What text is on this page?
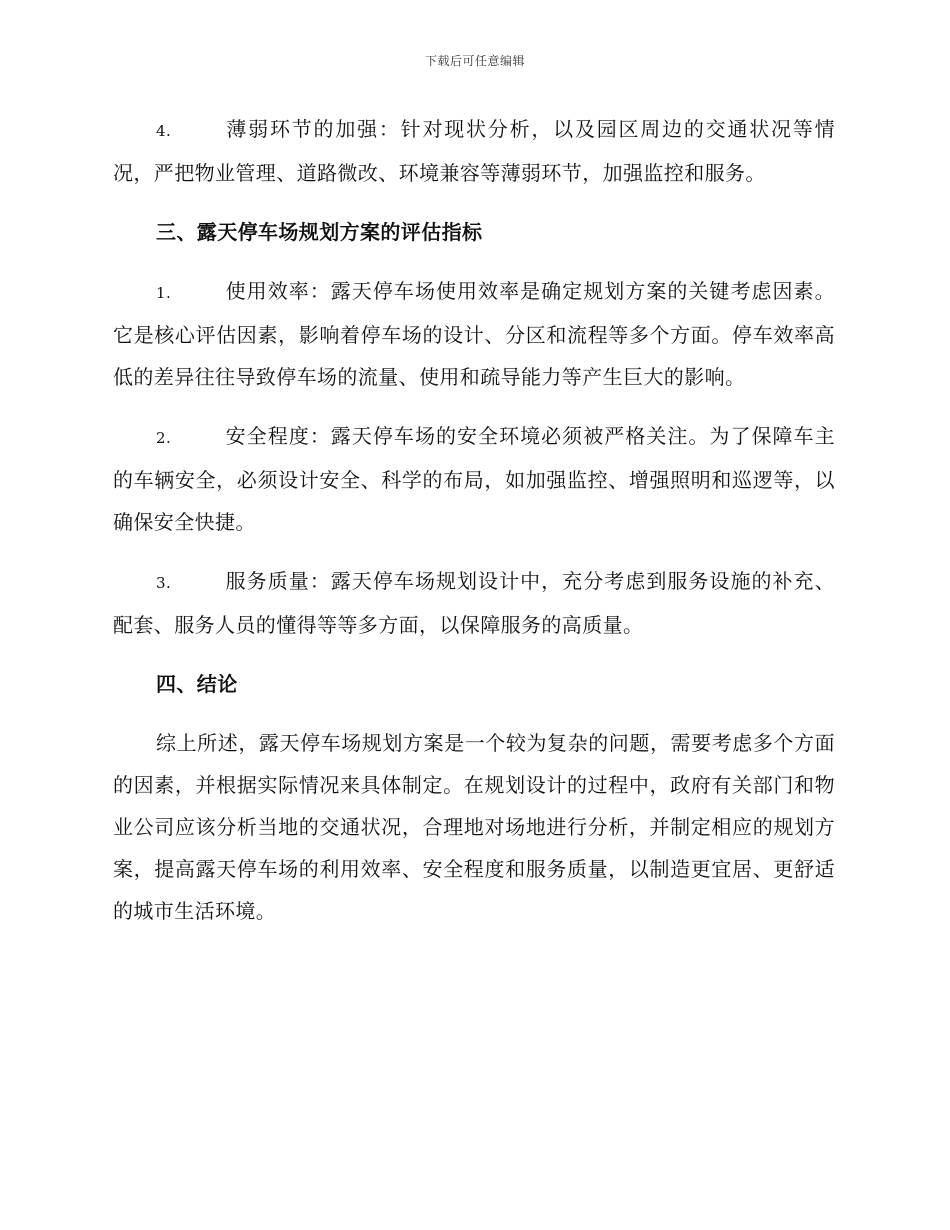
下载后可任意编辑

4.	薄弱环节的加强：针对现状分析，以及园区周边的交通状况等情况，严把物业管理、道路微改、环境兼容等薄弱环节，加强监控和服务。

三、露天停车场规划方案的评估指标

1.	使用效率：露天停车场使用效率是确定规划方案的关键考虑因素。它是核心评估因素，影响着停车场的设计、分区和流程等多个方面。停车效率高低的差异往往导致停车场的流量、使用和疏导能力等产生巨大的影响。

2.	安全程度：露天停车场的安全环境必须被严格关注。为了保障车主的车辆安全，必须设计安全、科学的布局，如加强监控、增强照明和巡逻等，以确保安全快捷。

3.	服务质量：露天停车场规划设计中，充分考虑到服务设施的补充、配套、服务人员的懂得等等多方面，以保障服务的高质量。

四、结论

综上所述，露天停车场规划方案是一个较为复杂的问题，需要考虑多个方面的因素，并根据实际情况来具体制定。在规划设计的过程中，政府有关部门和物业公司应该分析当地的交通状况，合理地对场地进行分析，并制定相应的规划方案，提高露天停车场的利用效率、安全程度和服务质量，以制造更宜居、更舒适的城市生活环境。
